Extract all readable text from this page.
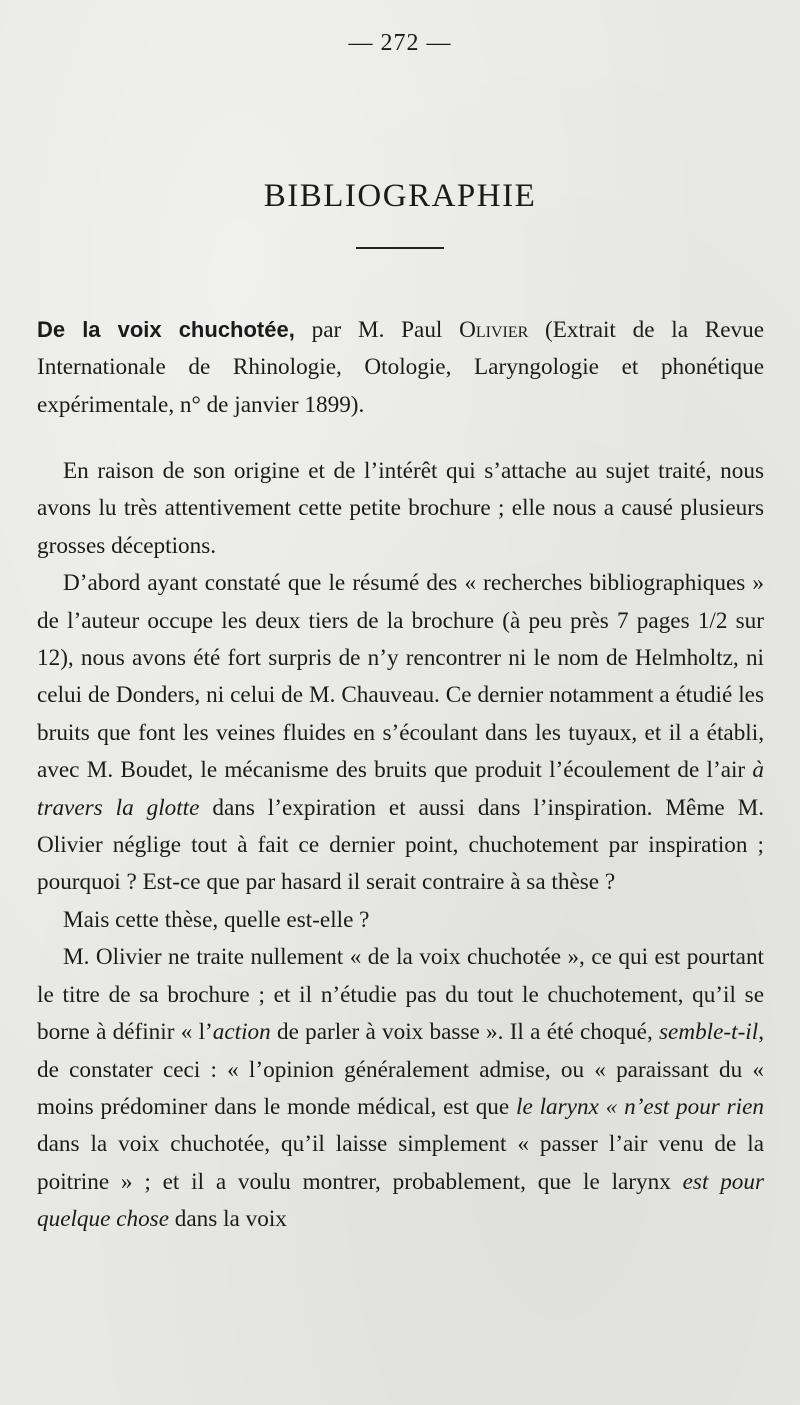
— 272 —
BIBLIOGRAPHIE

De la voix chuchotée, par M. Paul Olivier (Extrait de la Revue Internationale de Rhinologie, Otologie, Laryngologie et phonétique expérimentale, n° de janvier 1899).

En raison de son origine et de l’intérêt qui s’attache au sujet traité, nous avons lu très attentivement cette petite brochure ; elle nous a causé plusieurs grosses déceptions.

D’abord ayant constaté que le résumé des « recherches bibliographiques » de l’auteur occupe les deux tiers de la brochure (à peu près 7 pages 1/2 sur 12), nous avons été fort surpris de n’y rencontrer ni le nom de Helmholtz, ni celui de Donders, ni celui de M. Chauveau. Ce dernier notamment a étudié les bruits que font les veines fluides en s’écoulant dans les tuyaux, et il a établi, avec M. Boudet, le mécanisme des bruits que produit l’écoulement de l’air à travers la glotte dans l’expiration et aussi dans l’inspiration. Même M. Olivier néglige tout à fait ce dernier point, chuchotement par inspiration ; pourquoi ? Est-ce que par hasard il serait contraire à sa thèse ?

Mais cette thèse, quelle est-elle ?

M. Olivier ne traite nullement « de la voix chuchotée », ce qui est pourtant le titre de sa brochure ; et il n’étudie pas du tout le chuchotement, qu’il se borne à définir « l’action de parler à voix basse ». Il a été choqué, semble-t-il, de constater ceci : « l’opinion généralement admise, ou « paraissant du « moins prédominer dans le monde médical, est que le larynx « n’est pour rien dans la voix chuchotée, qu’il laisse simplement « passer l’air venu de la poitrine » ; et il a voulu montrer, probablement, que le larynx est pour quelque chose dans la voix
